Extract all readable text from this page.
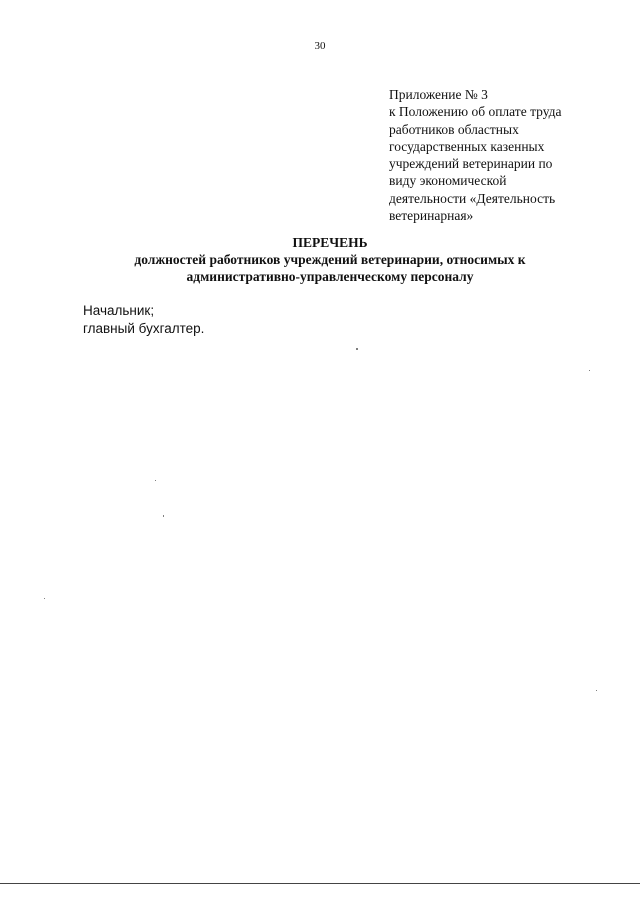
30
Приложение № 3
к Положению об оплате труда
работников областных
государственных казенных
учреждений ветеринарии по
виду экономической
деятельности «Деятельность
ветеринарная»
ПЕРЕЧЕНЬ
должностей работников учреждений ветеринарии, относимых к
административно-управленческому персоналу
Начальник;
главный бухгалтер.
